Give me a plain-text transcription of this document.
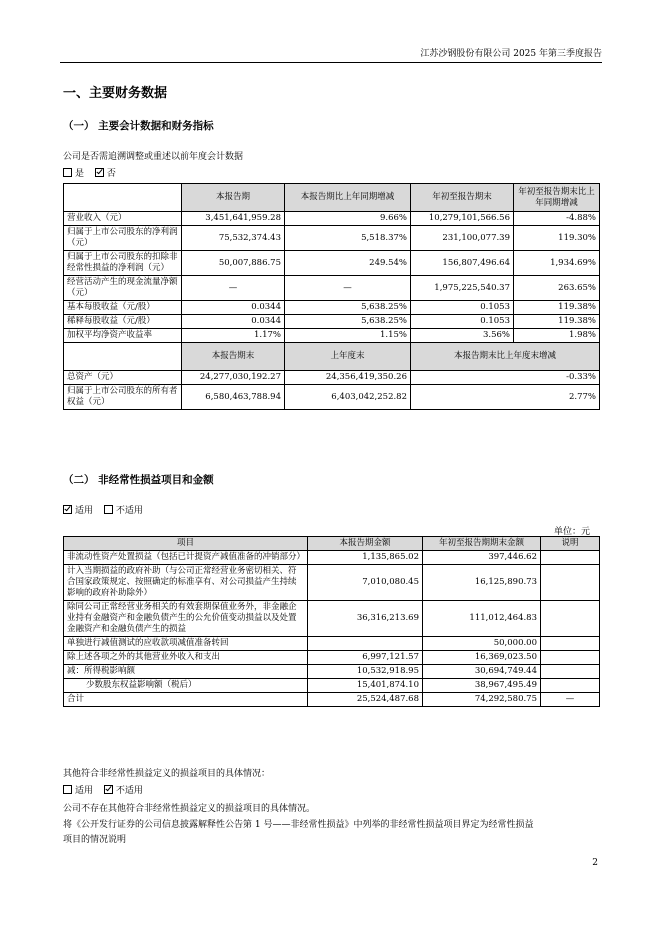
江苏沙钢股份有限公司 2025 年第三季度报告
一、主要财务数据
（一） 主要会计数据和财务指标
公司是否需追溯调整或重述以前年度会计数据
是	否
	本报告期	本报告期比上年同期增减	年初至报告期末	年初至报告期末比上年同期增减
营业收入（元）	3,451,641,959.28	9.66%	10,279,101,566.56	-4.88%
归属于上市公司股东的净利润（元）	75,532,374.43	5,518.37%	231,100,077.39	119.30%
归属于上市公司股东的扣除非经常性损益的净利润（元）	50,007,886.75	249.54%	156,807,496.64	1,934.69%
经营活动产生的现金流量净额（元）	—	—	1,975,225,540.37	263.65%
基本每股收益（元/股）	0.0344	5,638.25%	0.1053	119.38%
稀释每股收益（元/股）	0.0344	5,638.25%	0.1053	119.38%
加权平均净资产收益率	1.17%	1.15%	3.56%	1.98%
	本报告期末	上年度末	本报告期末比上年度末增减	
总资产（元）	24,277,030,192.27	24,356,419,350.26	-0.33%	
归属于上市公司股东的所有者权益（元）	6,580,463,788.94	6,403,042,252.82	2.77%	
（二） 非经常性损益项目和金额
适用	不适用
单位：元
项目	本报告期金额	年初至报告期期末金额	说明
非流动性资产处置损益（包括已计提资产减值准备的冲销部分）	1,135,865.02	397,446.62	
计入当期损益的政府补助（与公司正常经营业务密切相关、符合国家政策规定、按照确定的标准享有、对公司损益产生持续影响的政府补助除外）	7,010,080.45	16,125,890.73	
除同公司正常经营业务相关的有效套期保值业务外，非金融企业持有金融资产和金融负债产生的公允价值变动损益以及处置金融资产和金融负债产生的损益	36,316,213.69	111,012,464.83	
单独进行减值测试的应收款项减值准备转回		50,000.00	
除上述各项之外的其他营业外收入和支出	6,997,121.57	16,369,023.50	
减：所得税影响额	10,532,918.95	30,694,749.44	
少数股东权益影响额（税后）	15,401,874.10	38,967,495.49	
合计	25,524,487.68	74,292,580.75	—
其他符合非经常性损益定义的损益项目的具体情况：
适用	不适用
公司不存在其他符合非经常性损益定义的损益项目的具体情况。
将《公开发行证券的公司信息披露解释性公告第 1 号——非经常性损益》中列举的非经常性损益项目界定为经常性损益
项目的情况说明
2
